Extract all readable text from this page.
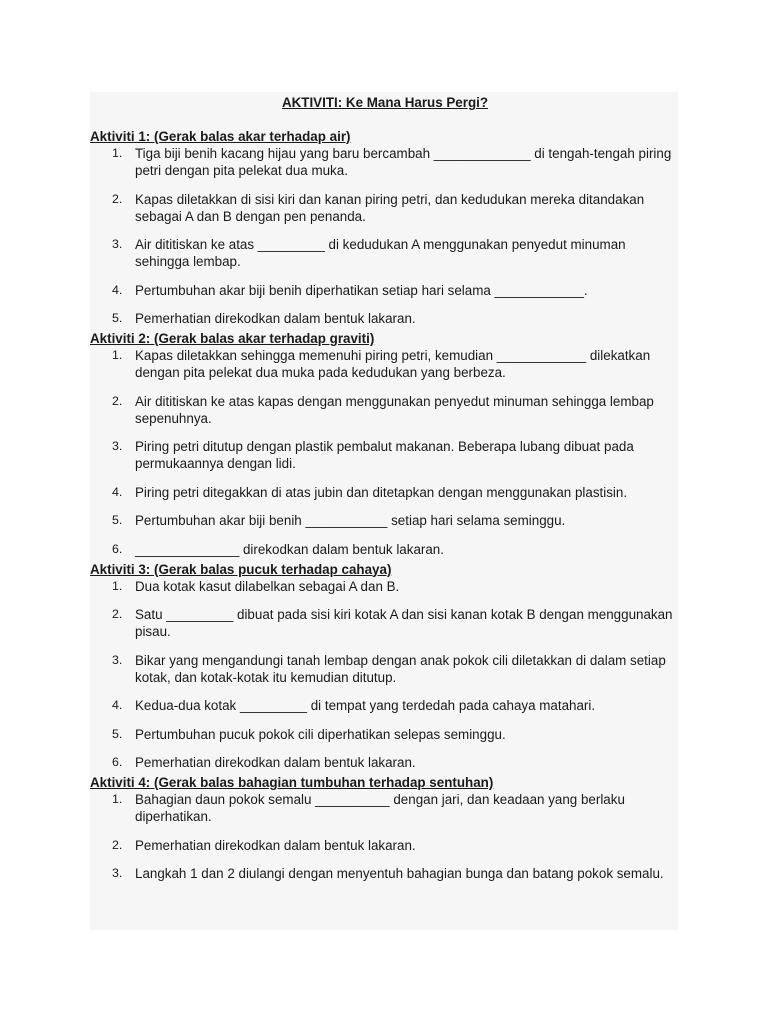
AKTIVITI: Ke Mana Harus Pergi?
Aktiviti 1: (Gerak balas akar terhadap air)
1. Tiga biji benih kacang hijau yang baru bercambah _____________ di tengah-tengah piring petri dengan pita pelekat dua muka.
2. Kapas diletakkan di sisi kiri dan kanan piring petri, dan kedudukan mereka ditandakan sebagai A dan B dengan pen penanda.
3. Air dititiskan ke atas _________ di kedudukan A menggunakan penyedut minuman sehingga lembap.
4. Pertumbuhan akar biji benih diperhatikan setiap hari selama ____________.
5. Pemerhatian direkodkan dalam bentuk lakaran.
Aktiviti 2: (Gerak balas akar terhadap graviti)
1. Kapas diletakkan sehingga memenuhi piring petri, kemudian ____________ dilekatkan dengan pita pelekat dua muka pada kedudukan yang berbeza.
2. Air dititiskan ke atas kapas dengan menggunakan penyedut minuman sehingga lembap sepenuhnya.
3. Piring petri ditutup dengan plastik pembalut makanan. Beberapa lubang dibuat pada permukaannya dengan lidi.
4. Piring petri ditegakkan di atas jubin dan ditetapkan dengan menggunakan plastisin.
5. Pertumbuhan akar biji benih ___________ setiap hari selama seminggu.
6. ______________ direkodkan dalam bentuk lakaran.
Aktiviti 3: (Gerak balas pucuk terhadap cahaya)
1. Dua kotak kasut dilabelkan sebagai A dan B.
2. Satu _________ dibuat pada sisi kiri kotak A dan sisi kanan kotak B dengan menggunakan pisau.
3. Bikar yang mengandungi tanah lembap dengan anak pokok cili diletakkan di dalam setiap kotak, dan kotak-kotak itu kemudian ditutup.
4. Kedua-dua kotak _________ di tempat yang terdedah pada cahaya matahari.
5. Pertumbuhan pucuk pokok cili diperhatikan selepas seminggu.
6. Pemerhatian direkodkan dalam bentuk lakaran.
Aktiviti 4: (Gerak balas bahagian tumbuhan terhadap sentuhan)
1. Bahagian daun pokok semalu __________ dengan jari, dan keadaan yang berlaku diperhatikan.
2. Pemerhatian direkodkan dalam bentuk lakaran.
3. Langkah 1 dan 2 diulangi dengan menyentuh bahagian bunga dan batang pokok semalu.
